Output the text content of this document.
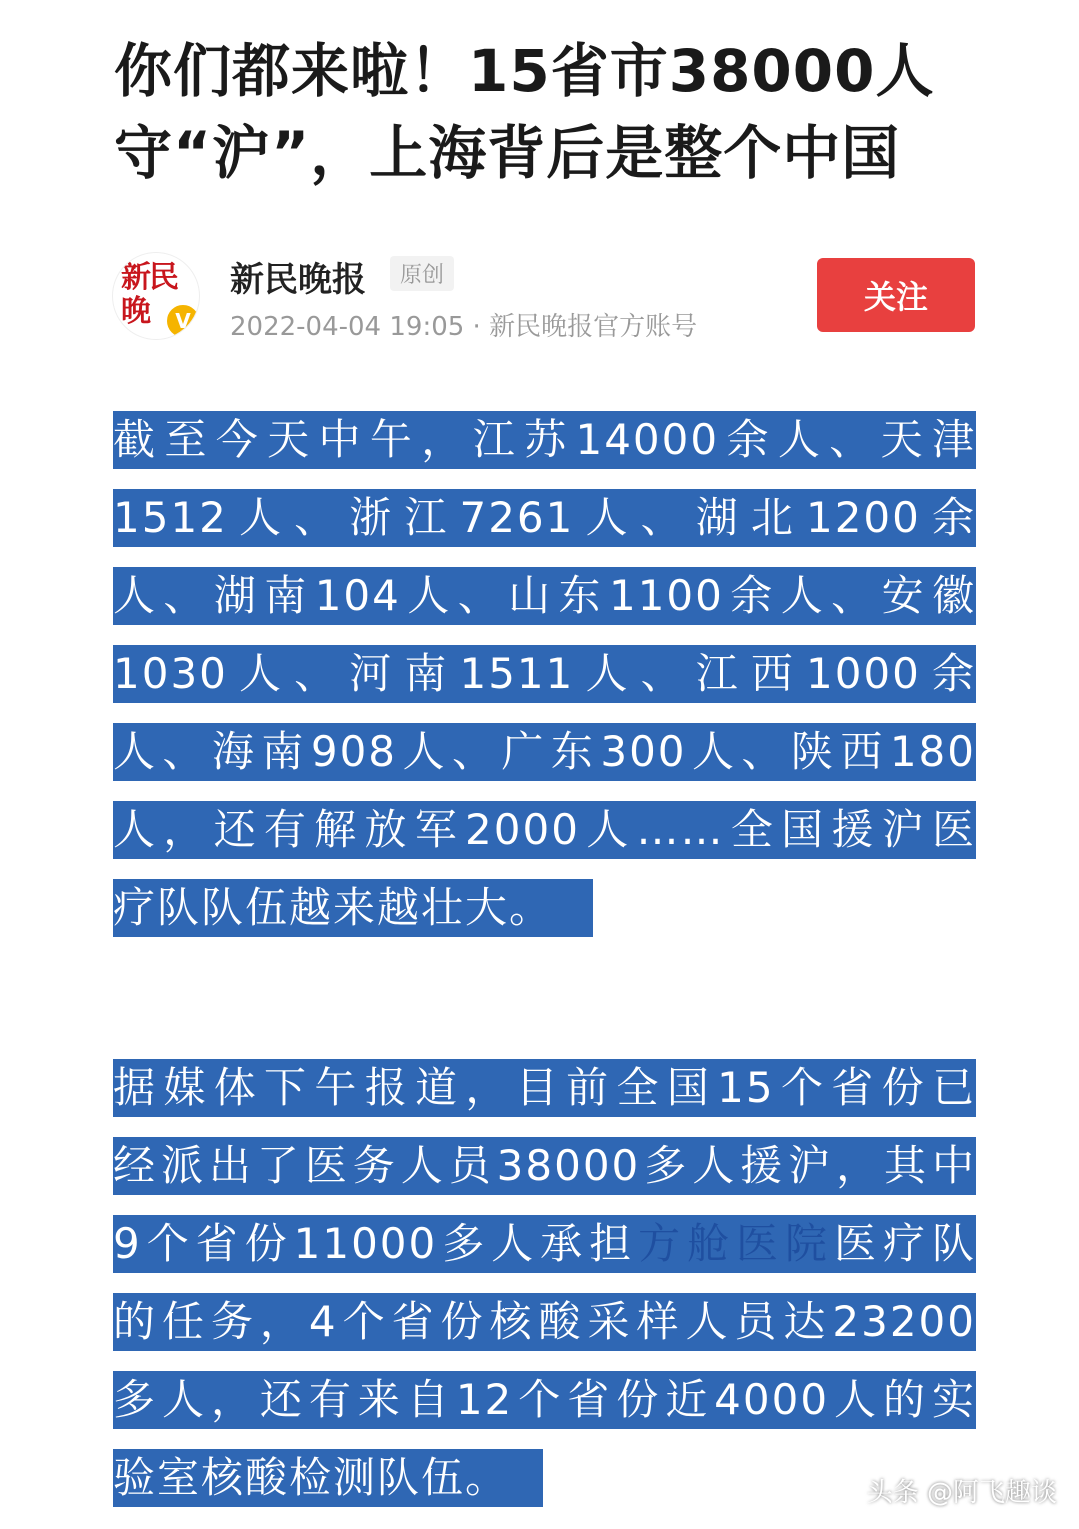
你们都来啦！15省市38000人
守“沪”，上海背后是整个中国
新民晚	V
新民晚报	原创
2022-04-04 19:05 · 新民晚报官方账号
关注
截至今天中午，江苏14000余人、天津
1512人、浙江7261人、湖北1200余
人、湖南104人、山东1100余人、安徽
1030人、河南1511人、江西1000余
人、海南908人、广东300人、陕西180
人，还有解放军2000人……全国援沪医
疗队队伍越来越壮大。
据媒体下午报道，目前全国15个省份已
经派出了医务人员38000多人援沪，其中
9个省份11000多人承担方舱医院医疗队
的任务，4个省份核酸采样人员达23200
多人，还有来自12个省份近4000人的实
验室核酸检测队伍。	头条 @阿飞趣谈
